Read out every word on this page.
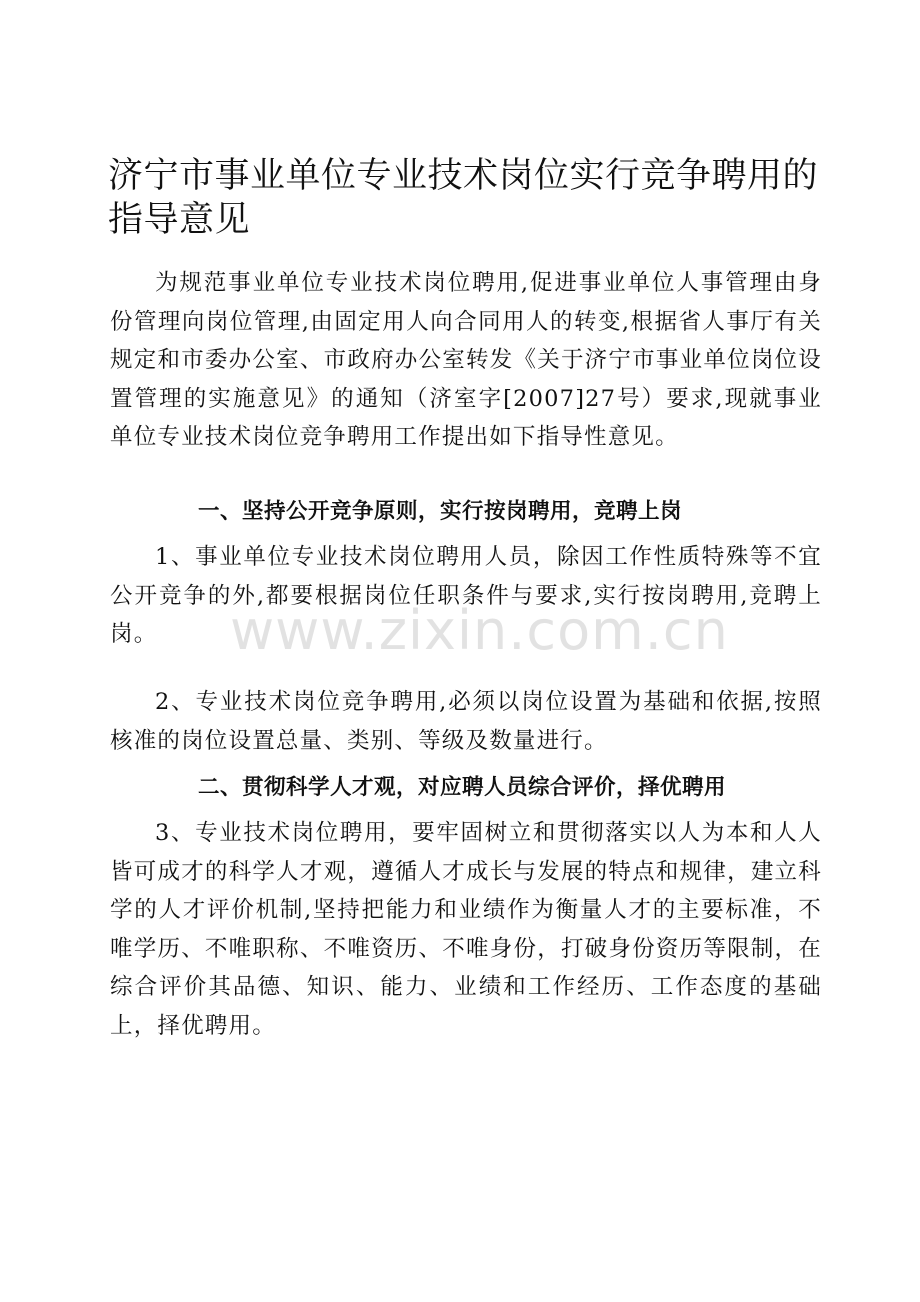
济宁市事业单位专业技术岗位实行竞争聘用的指导意见

为规范事业单位专业技术岗位聘用,促进事业单位人事管理由身份管理向岗位管理,由固定用人向合同用人的转变,根据省人事厅有关规定和市委办公室、市政府办公室转发《关于济宁市事业单位岗位设置管理的实施意见》的通知（济室字[2007]27号）要求,现就事业单位专业技术岗位竞争聘用工作提出如下指导性意见。

一、坚持公开竞争原则，实行按岗聘用，竞聘上岗

1、事业单位专业技术岗位聘用人员，除因工作性质特殊等不宜公开竞争的外,都要根据岗位任职条件与要求,实行按岗聘用,竞聘上岗。

2、专业技术岗位竞争聘用,必须以岗位设置为基础和依据,按照核准的岗位设置总量、类别、等级及数量进行。

二、贯彻科学人才观，对应聘人员综合评价，择优聘用

3、专业技术岗位聘用，要牢固树立和贯彻落实以人为本和人人皆可成才的科学人才观，遵循人才成长与发展的特点和规律，建立科学的人才评价机制,坚持把能力和业绩作为衡量人才的主要标准，不唯学历、不唯职称、不唯资历、不唯身份，打破身份资历等限制，在综合评价其品德、知识、能力、业绩和工作经历、工作态度的基础上，择优聘用。

www.zixin.com.cn
